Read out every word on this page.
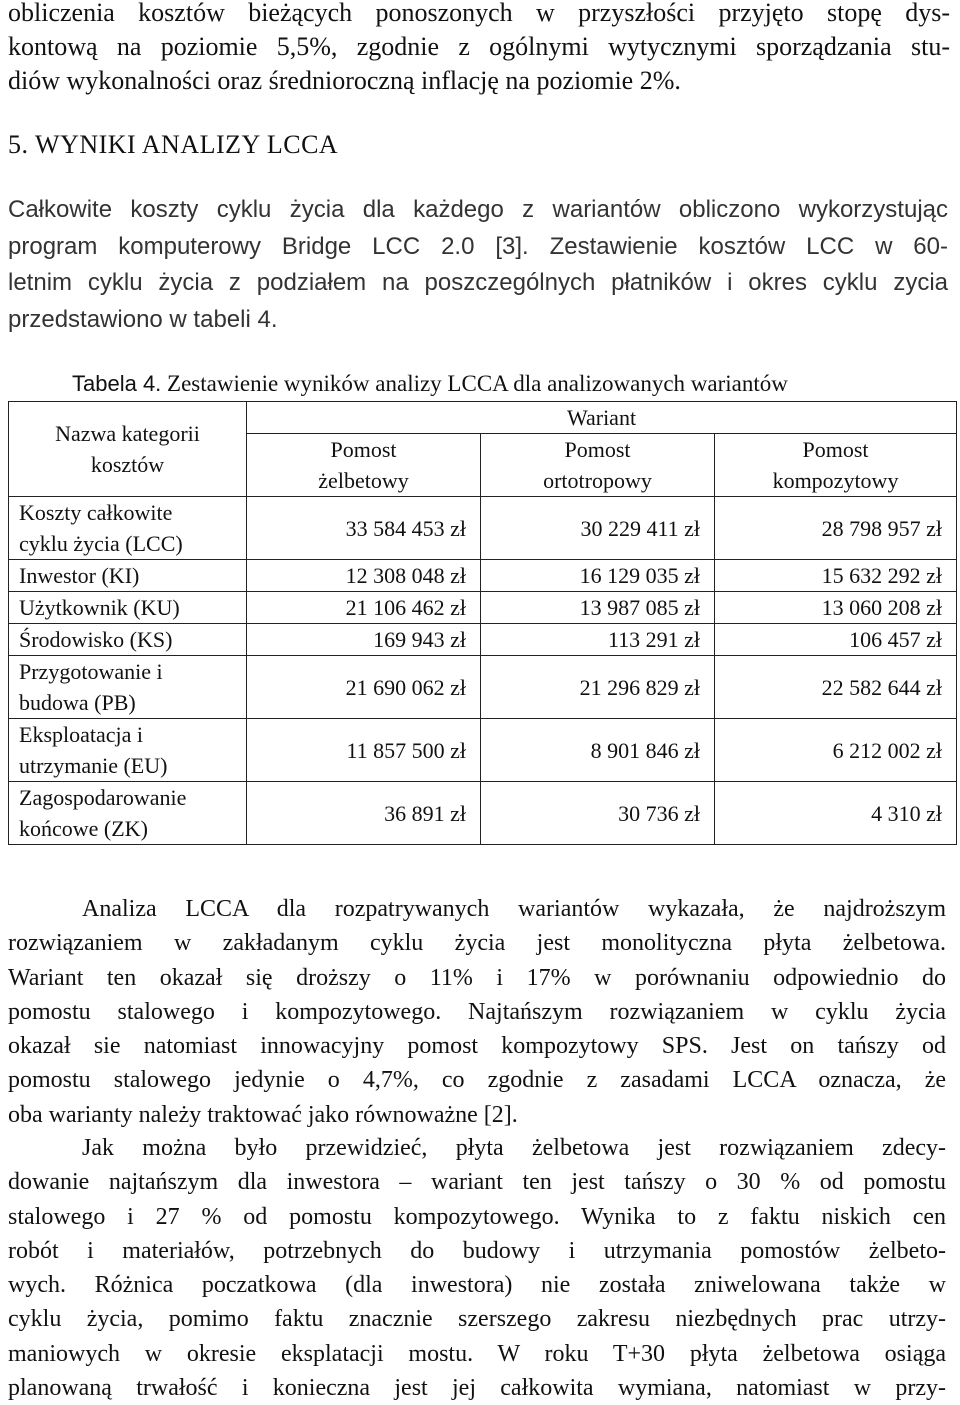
obliczenia kosztów bieżących ponoszonych w przyszłości przyjęto stopę dys-
kontową na poziomie 5,5%, zgodnie z ogólnymi wytycznymi sporządzania stu-
diów wykonalności oraz średnioroczną inflację na poziomie 2%.
5. WYNIKI ANALIZY LCCA
Całkowite koszty cyklu życia dla każdego z wariantów obliczono wykorzystując
program komputerowy Bridge LCC 2.0 [3]. Zestawienie kosztów LCC w 60-
letnim cyklu życia z podziałem na poszczególnych płatników i okres cyklu zycia
przedstawiono w tabeli 4.
Tabela 4. Zestawienie wyników analizy LCCA dla analizowanych wariantów
Nazwa kategorii kosztów	Wariant		
	Pomost żelbetowy	Pomost ortotropowy	Pomost kompozytowy
Koszty całkowite cyklu życia (LCC)	33 584 453 zł	30 229 411 zł	28 798 957 zł
Inwestor (KI)	12 308 048 zł	16 129 035 zł	15 632 292 zł
Użytkownik (KU)	21 106 462 zł	13 987 085 zł	13 060 208 zł
Środowisko (KS)	169 943 zł	113 291 zł	106 457 zł
Przygotowanie i budowa (PB)	21 690 062 zł	21 296 829 zł	22 582 644 zł
Eksploatacja i utrzymanie (EU)	11 857 500 zł	8 901 846 zł	6 212 002 zł
Zagospodarowanie końcowe (ZK)	36 891 zł	30 736 zł	4 310 zł
Analiza LCCA dla rozpatrywanych wariantów wykazała, że najdroższym
rozwiązaniem w zakładanym cyklu życia jest monolityczna płyta żelbetowa.
Wariant ten okazał się droższy o 11% i 17% w porównaniu odpowiednio do
pomostu stalowego i kompozytowego. Najtańszym rozwiązaniem w cyklu życia
okazał sie natomiast innowacyjny pomost kompozytowy SPS. Jest on tańszy od
pomostu stalowego jedynie o 4,7%, co zgodnie z zasadami LCCA oznacza, że
oba warianty należy traktować jako równoważne [2].
Jak można było przewidzieć, płyta żelbetowa jest rozwiązaniem zdecy-
dowanie najtańszym dla inwestora – wariant ten jest tańszy o 30 % od pomostu
stalowego i 27 % od pomostu kompozytowego. Wynika to z faktu niskich cen
robót i materiałów, potrzebnych do budowy i utrzymania pomostów żelbeto-
wych. Różnica poczatkowa (dla inwestora) nie została zniwelowana także w
cyklu życia, pomimo faktu znacznie szerszego zakresu niezbędnych prac utrzy-
maniowych w okresie eksplatacji mostu. W roku T+30 płyta żelbetowa osiąga
planowaną trwałość i konieczna jest jej całkowita wymiana, natomiast w przy-
